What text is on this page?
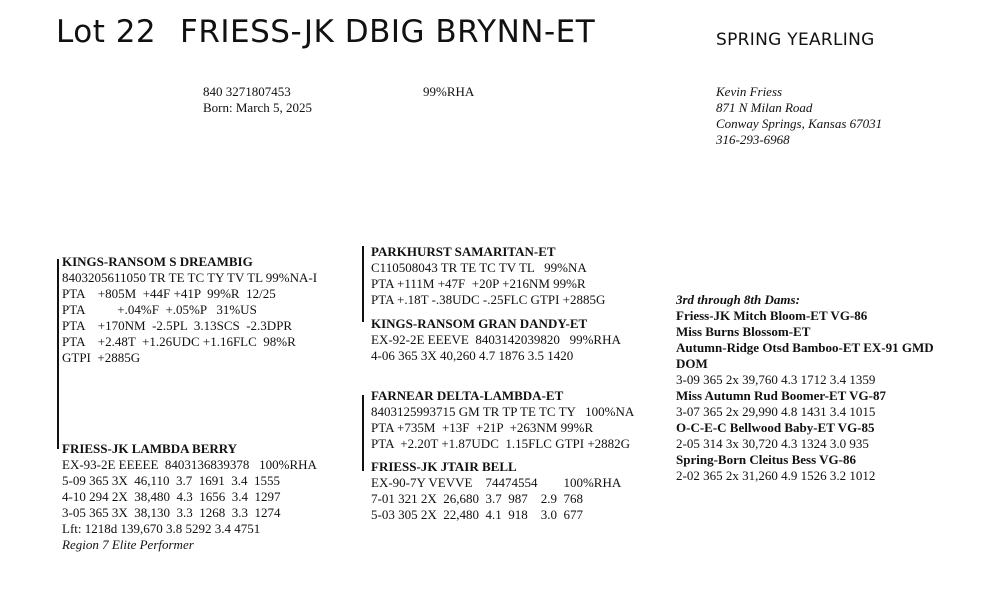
Lot 22 FRIESS-JK DBIG BRYNN-ET	SPRING YEARLING
840 3271807453
Born: March 5, 2025
99%RHA	Kevin Friess
871 N Milan Road
Conway Springs, Kansas 67031
316-293-6968
KINGS-RANSOM S DREAMBIG
8403205611050 TR TE TC TY TV TL 99%NA-I
PTA    +805M  +44F +41P  99%R  12/25
PTA          +.04%F  +.05%P   31%US
PTA    +170NM  -2.5PL  3.13SCS  -2.3DPR
PTA    +2.48T  +1.26UDC +1.16FLC  98%R
GTPI  +2885G
FRIESS-JK LAMBDA BERRY
EX-93-2E EEEEE  8403136839378   100%RHA
5-09 365 3X  46,110  3.7  1691  3.4  1555
4-10 294 2X  38,480  4.3  1656  3.4  1297
3-05 365 3X  38,130  3.3  1268  3.3  1274
Lft: 1218d 139,670 3.8 5292 3.4 4751
Region 7 Elite Performer
PARKHURST SAMARITAN-ET
C110508043 TR TE TC TV TL   99%NA
PTA +111M +47F  +20P +216NM 99%R
PTA +.18T -.38UDC -.25FLC GTPI +2885G
KINGS-RANSOM GRAN DANDY-ET
EX-92-2E EEEVE  8403142039820   99%RHA
4-06 365 3X 40,260 4.7 1876 3.5 1420
FARNEAR DELTA-LAMBDA-ET
8403125993715 GM TR TP TE TC TY   100%NA
PTA +735M  +13F  +21P  +263NM 99%R
PTA  +2.20T +1.87UDC  1.15FLC GTPI +2882G
FRIESS-JK JTAIR BELL
EX-90-7Y VEVVE    74474554        100%RHA
7-01 321 2X  26,680  3.7  987    2.9  768
5-03 305 2X  22,480  4.1  918    3.0  677
3rd through 8th Dams:
Friess-JK Mitch Bloom-ET VG-86
Miss Burns Blossom-ET
Autumn-Ridge Otsd Bamboo-ET EX-91 GMD DOM
3-09 365 2x 39,760 4.3 1712 3.4 1359
Miss Autumn Rud Boomer-ET VG-87
3-07 365 2x 29,990 4.8 1431 3.4 1015
O-C-E-C Bellwood Baby-ET VG-85
2-05 314 3x 30,720 4.3 1324 3.0 935
Spring-Born Cleitus Bess VG-86
2-02 365 2x 31,260 4.9 1526 3.2 1012
